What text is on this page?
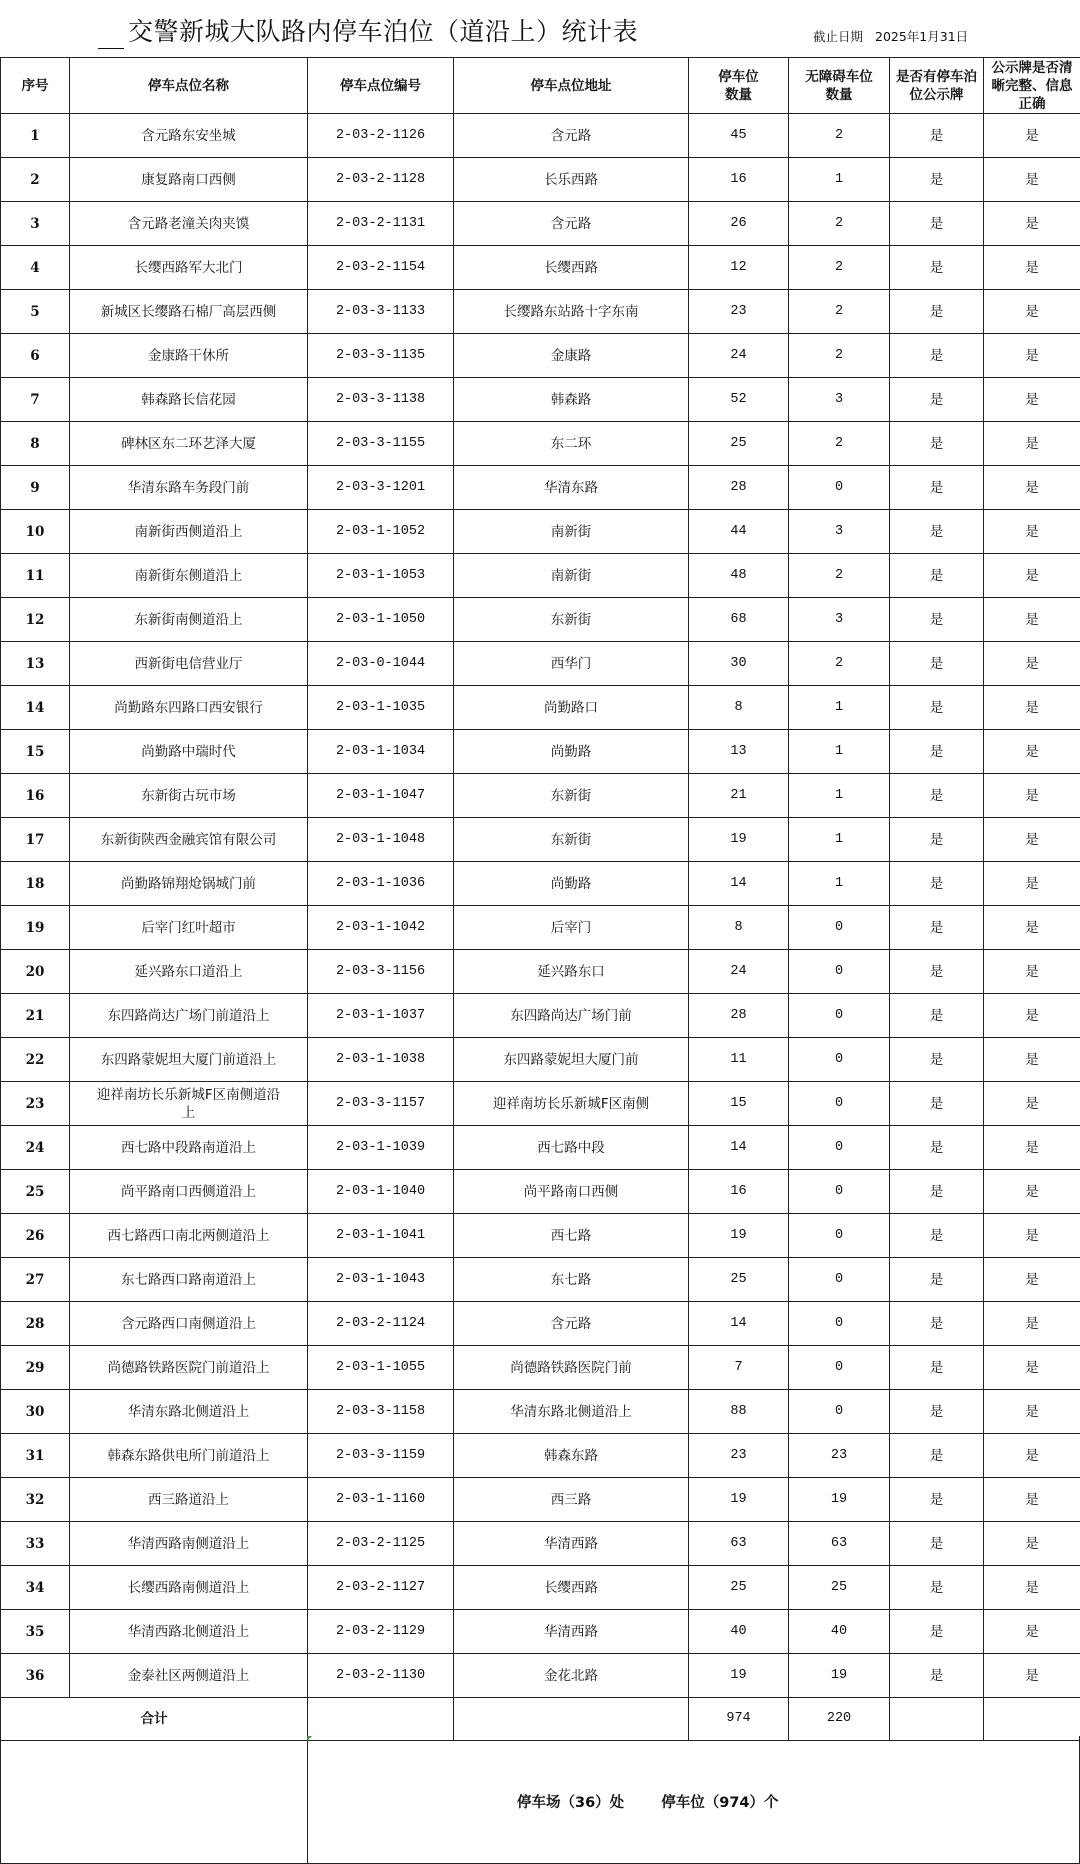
交警新城大队路内停车泊位（道沿上）统计表	截止日期 2025年1月31日
序号	停车点位名称	停车点位编号	停车点位地址	停车位数量	无障碍车位数量	是否有停车泊位公示牌	公示牌是否清晰完整、信息正确
1	含元路东安坐城	2-03-2-1126	含元路	45	2	是	是
2	康复路南口西侧	2-03-2-1128	长乐西路	16	1	是	是
3	含元路老潼关肉夹馍	2-03-2-1131	含元路	26	2	是	是
4	长缨西路军大北门	2-03-2-1154	长缨西路	12	2	是	是
5	新城区长缨路石棉厂高层西侧	2-03-3-1133	长缨路东站路十字东南	23	2	是	是
6	金康路干休所	2-03-3-1135	金康路	24	2	是	是
7	韩森路长信花园	2-03-3-1138	韩森路	52	3	是	是
8	碑林区东二环艺泽大厦	2-03-3-1155	东二环	25	2	是	是
9	华清东路车务段门前	2-03-3-1201	华清东路	28	0	是	是
10	南新街西侧道沿上	2-03-1-1052	南新街	44	3	是	是
11	南新街东侧道沿上	2-03-1-1053	南新街	48	2	是	是
12	东新街南侧道沿上	2-03-1-1050	东新街	68	3	是	是
13	西新街电信营业厅	2-03-0-1044	西华门	30	2	是	是
14	尚勤路东四路口西安银行	2-03-1-1035	尚勤路口	8	1	是	是
15	尚勤路中瑞时代	2-03-1-1034	尚勤路	13	1	是	是
16	东新街古玩市场	2-03-1-1047	东新街	21	1	是	是
17	东新街陕西金融宾馆有限公司	2-03-1-1048	东新街	19	1	是	是
18	尚勤路锦翔炝锅城门前	2-03-1-1036	尚勤路	14	1	是	是
19	后宰门红叶超市	2-03-1-1042	后宰门	8	0	是	是
20	延兴路东口道沿上	2-03-3-1156	延兴路东口	24	0	是	是
21	东四路尚达广场门前道沿上	2-03-1-1037	东四路尚达广场门前	28	0	是	是
22	东四路蒙妮坦大厦门前道沿上	2-03-1-1038	东四路蒙妮坦大厦门前	11	0	是	是
23	迎祥南坊长乐新城F区南侧道沿上	2-03-3-1157	迎祥南坊长乐新城F区南侧	15	0	是	是
24	西七路中段路南道沿上	2-03-1-1039	西七路中段	14	0	是	是
25	尚平路南口西侧道沿上	2-03-1-1040	尚平路南口西侧	16	0	是	是
26	西七路西口南北两侧道沿上	2-03-1-1041	西七路	19	0	是	是
27	东七路西口路南道沿上	2-03-1-1043	东七路	25	0	是	是
28	含元路西口南侧道沿上	2-03-2-1124	含元路	14	0	是	是
29	尚德路铁路医院门前道沿上	2-03-1-1055	尚德路铁路医院门前	7	0	是	是
30	华清东路北侧道沿上	2-03-3-1158	华清东路北侧道沿上	88	0	是	是
31	韩森东路供电所门前道沿上	2-03-3-1159	韩森东路	23	23	是	是
32	西三路道沿上	2-03-1-1160	西三路	19	19	是	是
33	华清西路南侧道沿上	2-03-2-1125	华清西路	63	63	是	是
34	长缨西路南侧道沿上	2-03-2-1127	长缨西路	25	25	是	是
35	华清西路北侧道沿上	2-03-2-1129	华清西路	40	40	是	是
36	金泰社区两侧道沿上	2-03-2-1130	金花北路	19	19	是	是
合计				974	220		
停车场（36）处	停车位（974）个
